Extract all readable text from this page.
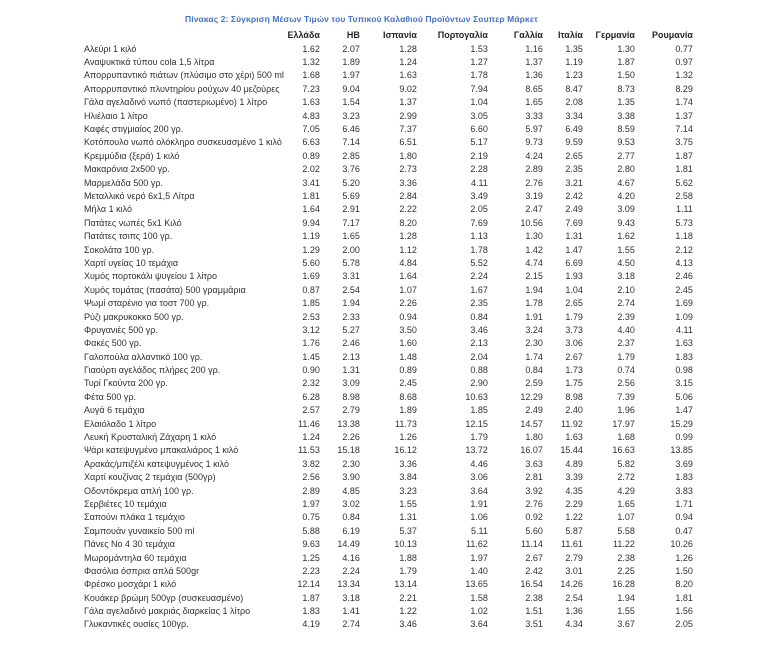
Πίνακας 2: Σύγκριση Μέσων Τιμών του Τυπικού Καλαθιού Προϊόντων Σουπερ Μάρκετ
	Ελλάδα	ΗΒ	Ισπανία	Πορτογαλία	Γαλλία	Ιταλία	Γερμανία	Ρουμανία
Αλεύρι 1 κιλό	1.62	2.07	1.28	1.53	1.16	1.35	1.30	0.77
Αναψυκτικά τύπου cola 1,5 λίτρα	1.32	1.89	1.24	1.27	1.37	1.19	1.87	0.97
Απορρυπαντικό πιάτων (πλύσιμο στο χέρι) 500 ml	1.68	1.97	1.63	1.78	1.36	1.23	1.50	1.32
Απορρυπαντικό πλυντηρίου ρούχων 40 μεζούρες	7.23	9.04	9.02	7.94	8.65	8.47	8.73	8.29
Γάλα αγελαδινό νωπό (παστεριωμένο) 1 λίτρο	1.63	1.54	1.37	1.04	1.65	2.08	1.35	1.74
Ηλιέλαιο 1 λίτρο	4.83	3.23	2.99	3.05	3.33	3.34	3.38	1.37
Καφές στιγμιαίος 200 γρ.	7.05	6.46	7.37	6.60	5.97	6.49	8.59	7.14
Κοτόπουλο νωπό ολόκληρο συσκευασμένο 1 κιλό	6.63	7.14	6.51	5.17	9.73	9.59	9.53	3.75
Κρεμμύδια (ξερά) 1 κιλό	0.89	2.85	1.80	2.19	4.24	2.65	2.77	1.87
Μακαρόνια 2x500 γρ.	2.02	3.76	2.73	2.28	2.89	2.35	2.80	1.81
Μαρμελάδα 500 γρ.	3.41	5.20	3.36	4.11	2.76	3.21	4.67	5.62
Μεταλλικό νερό 6x1,5 Λίτρα	1.81	5.69	2.84	3.49	3.19	2.42	4.20	2.58
Μήλα 1 κιλό	1.64	2.91	2.22	2.05	2.47	2.49	3.09	1.11
Πατάτες νωπές 5x1 Κιλό	9.94	7.17	8.20	7.69	10.56	7.69	9.43	5.73
Πατάτες τσιπς 100 γρ.	1.19	1.65	1.28	1.13	1.30	1.31	1.62	1.18
Σοκολάτα 100 γρ.	1.29	2.00	1.12	1.78	1.42	1.47	1.55	2.12
Χαρτί υγείας 10 τεμάχια	5.60	5.78	4.84	5.52	4.74	6.69	4.50	4.13
Χυμός πορτοκάλι ψυγείου 1 λίτρο	1.69	3.31	1.64	2.24	2.15	1.93	3.18	2.46
Χυμός τομάτας (πασάτα) 500 γραμμάρια	0.87	2.54	1.07	1.67	1.94	1.04	2.10	2.45
Ψωμί σταρένιο για τοστ 700 γρ.	1.85	1.94	2.26	2.35	1.78	2.65	2.74	1.69
Ρύζι μακρυκοκκο 500 γρ.	2.53	2.33	0.94	0.84	1.91	1.79	2.39	1.09
Φρυγανιές 500 γρ.	3.12	5.27	3.50	3.46	3.24	3.73	4.40	4.11
Φακές 500 γρ.	1.76	2.46	1.60	2.13	2.30	3.06	2.37	1.63
Γαλοπούλα αλλαντικό 100 γρ.	1.45	2.13	1.48	2.04	1.74	2.67	1.79	1.83
Γιαούρτι αγελάδος πλήρες 200 γρ.	0.90	1.31	0.89	0.88	0.84	1.73	0.74	0.98
Τυρί Γκούντα 200 γρ.	2.32	3.09	2.45	2.90	2.59	1.75	2.56	3.15
Φέτα 500 γρ.	6.28	8.98	8.68	10.63	12.29	8.98	7.39	5.06
Αυγά 6 τεμάχια	2.57	2.79	1.89	1.85	2.49	2.40	1.96	1.47
Ελαιόλαδο 1 λίτρο	11.46	13.38	11.73	12.15	14.57	11.92	17.97	15.29
Λευκή Κρυσταλική Ζάχαρη 1 κιλό	1.24	2.26	1.26	1.79	1.80	1.63	1.68	0.99
Ψάρι κατεψυγμένο μπακαλιάρος 1 κιλό	11.53	15.18	16.12	13.72	16.07	15.44	16.63	13.85
Αρακάς/μπιζέλι κατεψυγμένος 1 κιλό	3.82	2.30	3.36	4.46	3.63	4.89	5.82	3.69
Χαρτί κουζίνας 2 τεμάχια (500γρ)	2.56	3.90	3.84	3.06	2.81	3.39	2.72	1.83
Οδοντόκρεμα απλή 100 γρ.	2.89	4.85	3.23	3.64	3.92	4.35	4.29	3.83
Σερβιέτες 10 τεμάχια	1.97	3.02	1.55	1.91	2.76	2.29	1.65	1.71
Σαπούνι πλάκα 1 τεμάχιο	0.75	0.84	1.31	1.06	0.92	1.22	1.07	0.94
Σαμπουάν γυναικείο 500 ml	5.88	6.19	5.37	5.11	5.60	5.87	5.58	0.47
Πάνες Νο 4 30 τεμάχια	9.63	14.49	10.13	11.62	11.14	11.61	11.22	10.26
Μωρομάντηλα 60 τεμάχια	1.25	4.16	1.88	1.97	2.67	2.79	2.38	1.26
Φασόλια όσπρια απλά 500gr	2.23	2.24	1.79	1.40	2.42	3.01	2.25	1.50
Φρέσκο μοσχάρι 1 κιλό	12.14	13.34	13.14	13.65	16.54	14.26	16.28	8.20
Κουάκερ βρώμη 500γρ (συσκευασμένο)	1.87	3.18	2.21	1.58	2.38	2.54	1.94	1.81
Γάλα αγελαδινό μακριάς διαρκείας 1 λίτρο	1.83	1.41	1.22	1.02	1.51	1.36	1.55	1.56
Γλυκαντικές ουσίες 100γρ.	4.19	2.74	3.46	3.64	3.51	4.34	3.67	2.05
